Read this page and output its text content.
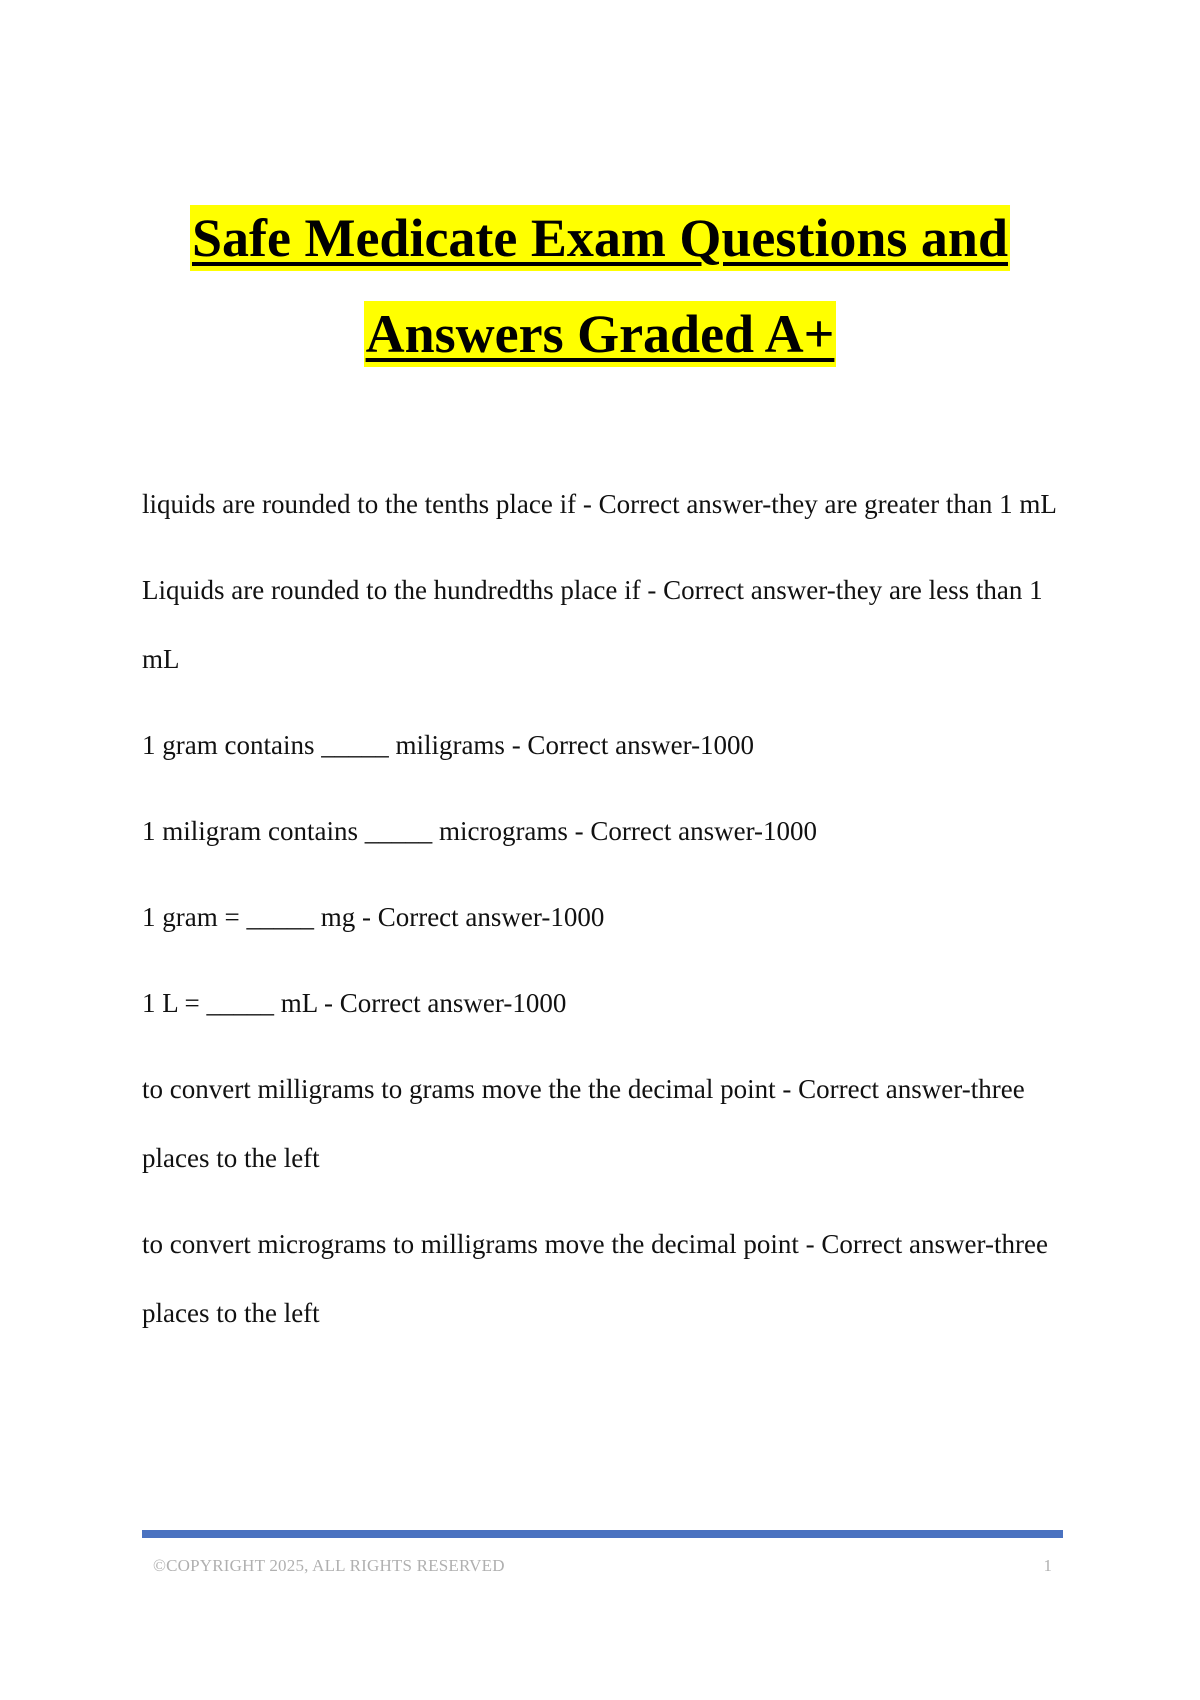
Safe Medicate Exam Questions and
Answers Graded A+

liquids are rounded to the tenths place if - Correct answer-they are greater than 1 mL

Liquids are rounded to the hundredths place if - Correct answer-they are less than 1 mL

1 gram contains _____ miligrams - Correct answer-1000

1 miligram contains _____ micrograms - Correct answer-1000

1 gram = _____ mg - Correct answer-1000

1 L = _____ mL - Correct answer-1000

to convert milligrams to grams move the the decimal point - Correct answer-three places to the left

to convert micrograms to milligrams move the decimal point - Correct answer-three places to the left

©COPYRIGHT 2025, ALL RIGHTS RESERVED	1
